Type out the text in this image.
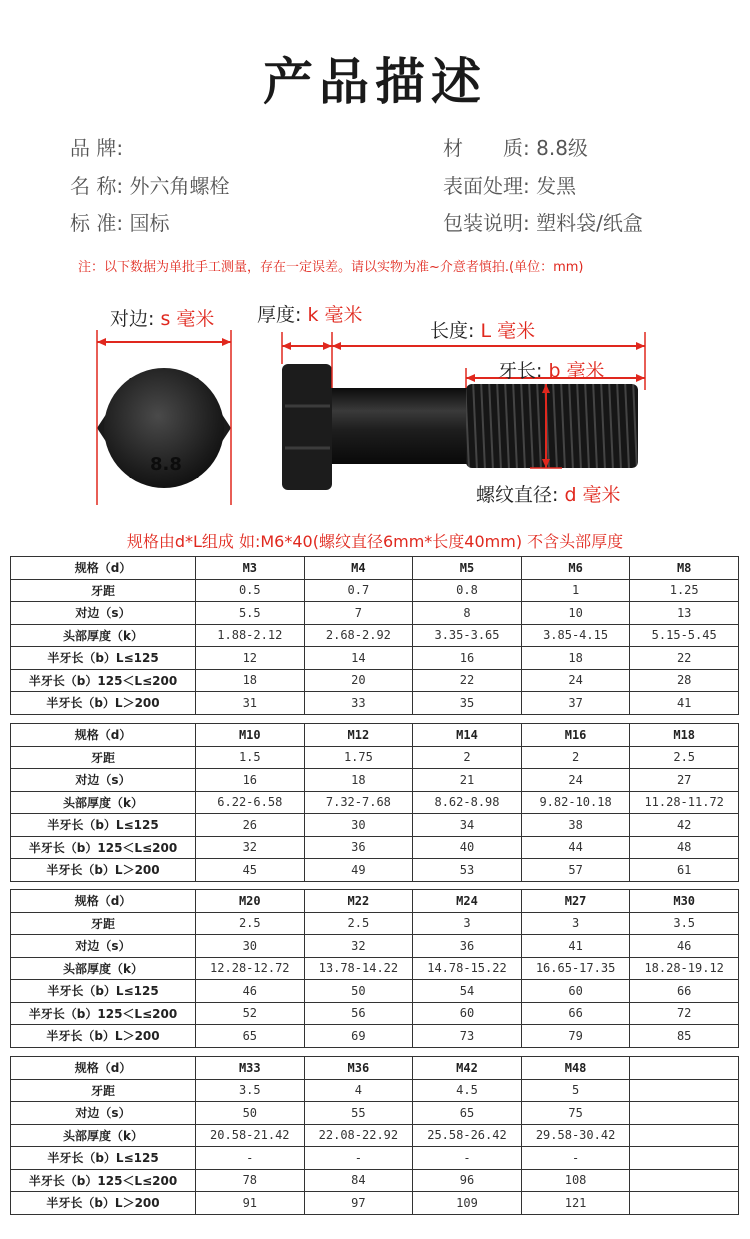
产品描述
品 牌:
名 称: 外六角螺栓
标 准: 国标
材　　质: 8.8级
表面处理: 发黑
包装说明: 塑料袋/纸盒
注：以下数据为单批手工测量，存在一定误差。请以实物为准~介意者慎拍.(单位：mm)
8.8
对边: s 毫米 厚度: k 毫米
长度: L 毫米
牙长: b 毫米
螺纹直径: d 毫米
规格由d*L组成 如:M6*40(螺纹直径6mm*长度40mm) 不含头部厚度
规格（d）	M3	M4	M5	M6	M8
牙距	0.5	0.7	0.8	1	1.25
对边（s）	5.5	7	8	10	13
头部厚度（k）	1.88-2.12	2.68-2.92	3.35-3.65	3.85-4.15	5.15-5.45
半牙长（b）L≤125	12	14	16	18	22
半牙长（b）125＜L≤200	18	20	22	24	28
半牙长（b）L＞200	31	33	35	37	41
规格（d）	M10	M12	M14	M16	M18
牙距	1.5	1.75	2	2	2.5
对边（s）	16	18	21	24	27
头部厚度（k）	6.22-6.58	7.32-7.68	8.62-8.98	9.82-10.18	11.28-11.72
半牙长（b）L≤125	26	30	34	38	42
半牙长（b）125＜L≤200	32	36	40	44	48
半牙长（b）L＞200	45	49	53	57	61
规格（d）	M20	M22	M24	M27	M30
牙距	2.5	2.5	3	3	3.5
对边（s）	30	32	36	41	46
头部厚度（k）	12.28-12.72	13.78-14.22	14.78-15.22	16.65-17.35	18.28-19.12
半牙长（b）L≤125	46	50	54	60	66
半牙长（b）125＜L≤200	52	56	60	66	72
半牙长（b）L＞200	65	69	73	79	85
规格（d）	M33	M36	M42	M48	
牙距	3.5	4	4.5	5	
对边（s）	50	55	65	75	
头部厚度（k）	20.58-21.42	22.08-22.92	25.58-26.42	29.58-30.42	
半牙长（b）L≤125	-	-	-	-	
半牙长（b）125＜L≤200	78	84	96	108	
半牙长（b）L＞200	91	97	109	121	
